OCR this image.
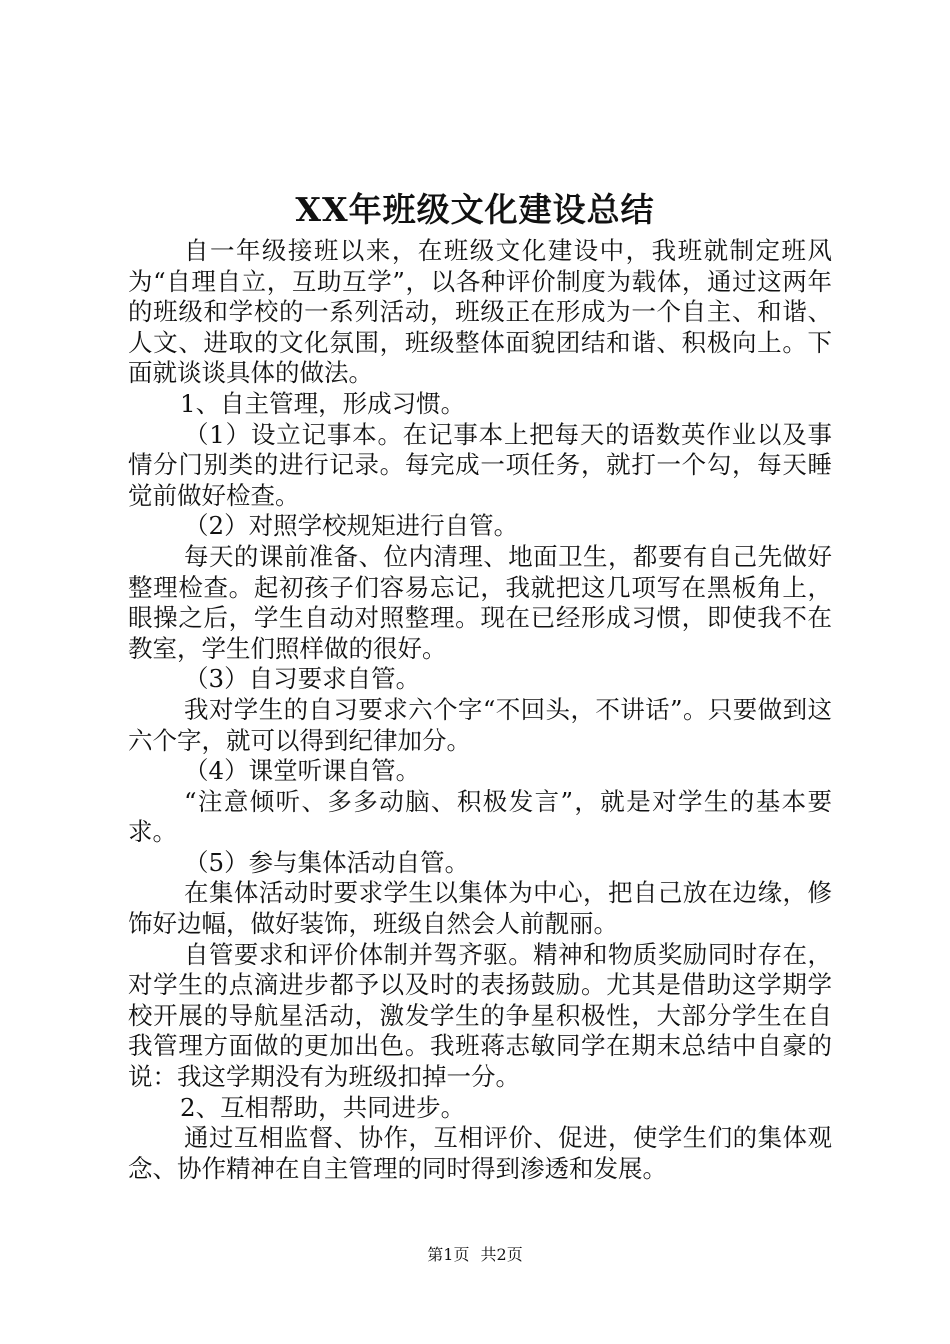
XX年班级文化建设总结

自一年级接班以来，在班级文化建设中，我班就制定班风为“自理自立，互助互学”，以各种评价制度为载体，通过这两年的班级和学校的一系列活动，班级正在形成为一个自主、和谐、人文、进取的文化氛围，班级整体面貌团结和谐、积极向上。下面就谈谈具体的做法。

1、自主管理，形成习惯。

（1）设立记事本。在记事本上把每天的语数英作业以及事情分门别类的进行记录。每完成一项任务，就打一个勾，每天睡觉前做好检查。

（2）对照学校规矩进行自管。

每天的课前准备、位内清理、地面卫生，都要有自己先做好整理检查。起初孩子们容易忘记，我就把这几项写在黑板角上，眼操之后，学生自动对照整理。现在已经形成习惯，即使我不在教室，学生们照样做的很好。

（3）自习要求自管。

我对学生的自习要求六个字“不回头，不讲话”。只要做到这六个字，就可以得到纪律加分。

（4）课堂听课自管。

“注意倾听、多多动脑、积极发言”，就是对学生的基本要求。

（5）参与集体活动自管。

在集体活动时要求学生以集体为中心，把自己放在边缘，修饰好边幅，做好装饰，班级自然会人前靓丽。

自管要求和评价体制并驾齐驱。精神和物质奖励同时存在，对学生的点滴进步都予以及时的表扬鼓励。尤其是借助这学期学校开展的导航星活动，激发学生的争星积极性，大部分学生在自我管理方面做的更加出色。我班蒋志敏同学在期末总结中自豪的说：我这学期没有为班级扣掉一分。

2、互相帮助，共同进步。

通过互相监督、协作，互相评价、促进，使学生们的集体观念、协作精神在自主管理的同时得到渗透和发展。

第1页 共2页
